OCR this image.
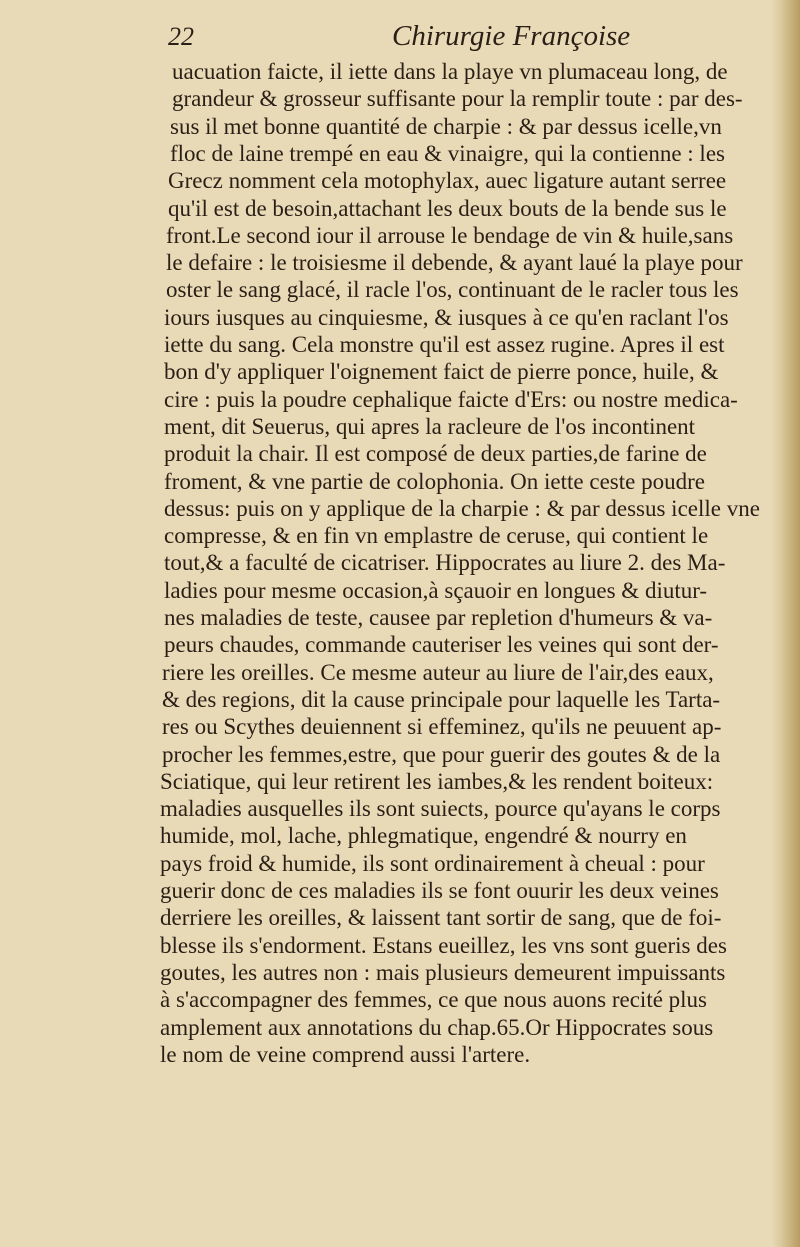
22	Chirurgie Françoise
uacuation faicte, il iette dans la playe vn plumaceau long, de
grandeur & grosseur suffisante pour la remplir toute : par des-
sus il met bonne quantité de charpie : & par dessus icelle,vn
floc de laine trempé en eau & vinaigre, qui la contienne : les
Grecz nomment cela motophylax, auec ligature autant serree
qu'il est de besoin,attachant les deux bouts de la bende sus le
front.Le second iour il arrouse le bendage de vin & huile,sans
le defaire : le troisiesme il debende, & ayant laué la playe pour
oster le sang glacé, il racle l'os, continuant de le racler tous les
iours iusques au cinquiesme, & iusques à ce qu'en raclant l'os
iette du sang. Cela monstre qu'il est assez rugine. Apres il est
bon d'y appliquer l'oignement faict de pierre ponce, huile, &
cire : puis la poudre cephalique faicte d'Ers: ou nostre medica-
ment, dit Seuerus, qui apres la racleure de l'os incontinent
produit la chair. Il est composé de deux parties,de farine de
froment, & vne partie de colophonia. On iette ceste poudre
dessus: puis on y applique de la charpie : & par dessus icelle vne
compresse, & en fin vn emplastre de ceruse, qui contient le
tout,& a faculté de cicatriser. Hippocrates au liure 2. des Ma-
ladies pour mesme occasion,à sçauoir en longues & diutur-
nes maladies de teste, causee par repletion d'humeurs & va-
peurs chaudes, commande cauteriser les veines qui sont der-
riere les oreilles. Ce mesme auteur au liure de l'air,des eaux,
& des regions, dit la cause principale pour laquelle les Tarta-
res ou Scythes deuiennent si effeminez, qu'ils ne peuuent ap-
procher les femmes,estre, que pour guerir des goutes & de la
Sciatique, qui leur retirent les iambes,& les rendent boiteux:
maladies ausquelles ils sont suiects, pource qu'ayans le corps
humide, mol, lache, phlegmatique, engendré & nourry en
pays froid & humide, ils sont ordinairement à cheual : pour
guerir donc de ces maladies ils se font ouurir les deux veines
derriere les oreilles, & laissent tant sortir de sang, que de foi-
blesse ils s'endorment. Estans eueillez, les vns sont gueris des
goutes, les autres non : mais plusieurs demeurent impuissants
à s'accompagner des femmes, ce que nous auons recité plus
amplement aux annotations du chap.65.Or Hippocrates sous
le nom de veine comprend aussi l'artere.
